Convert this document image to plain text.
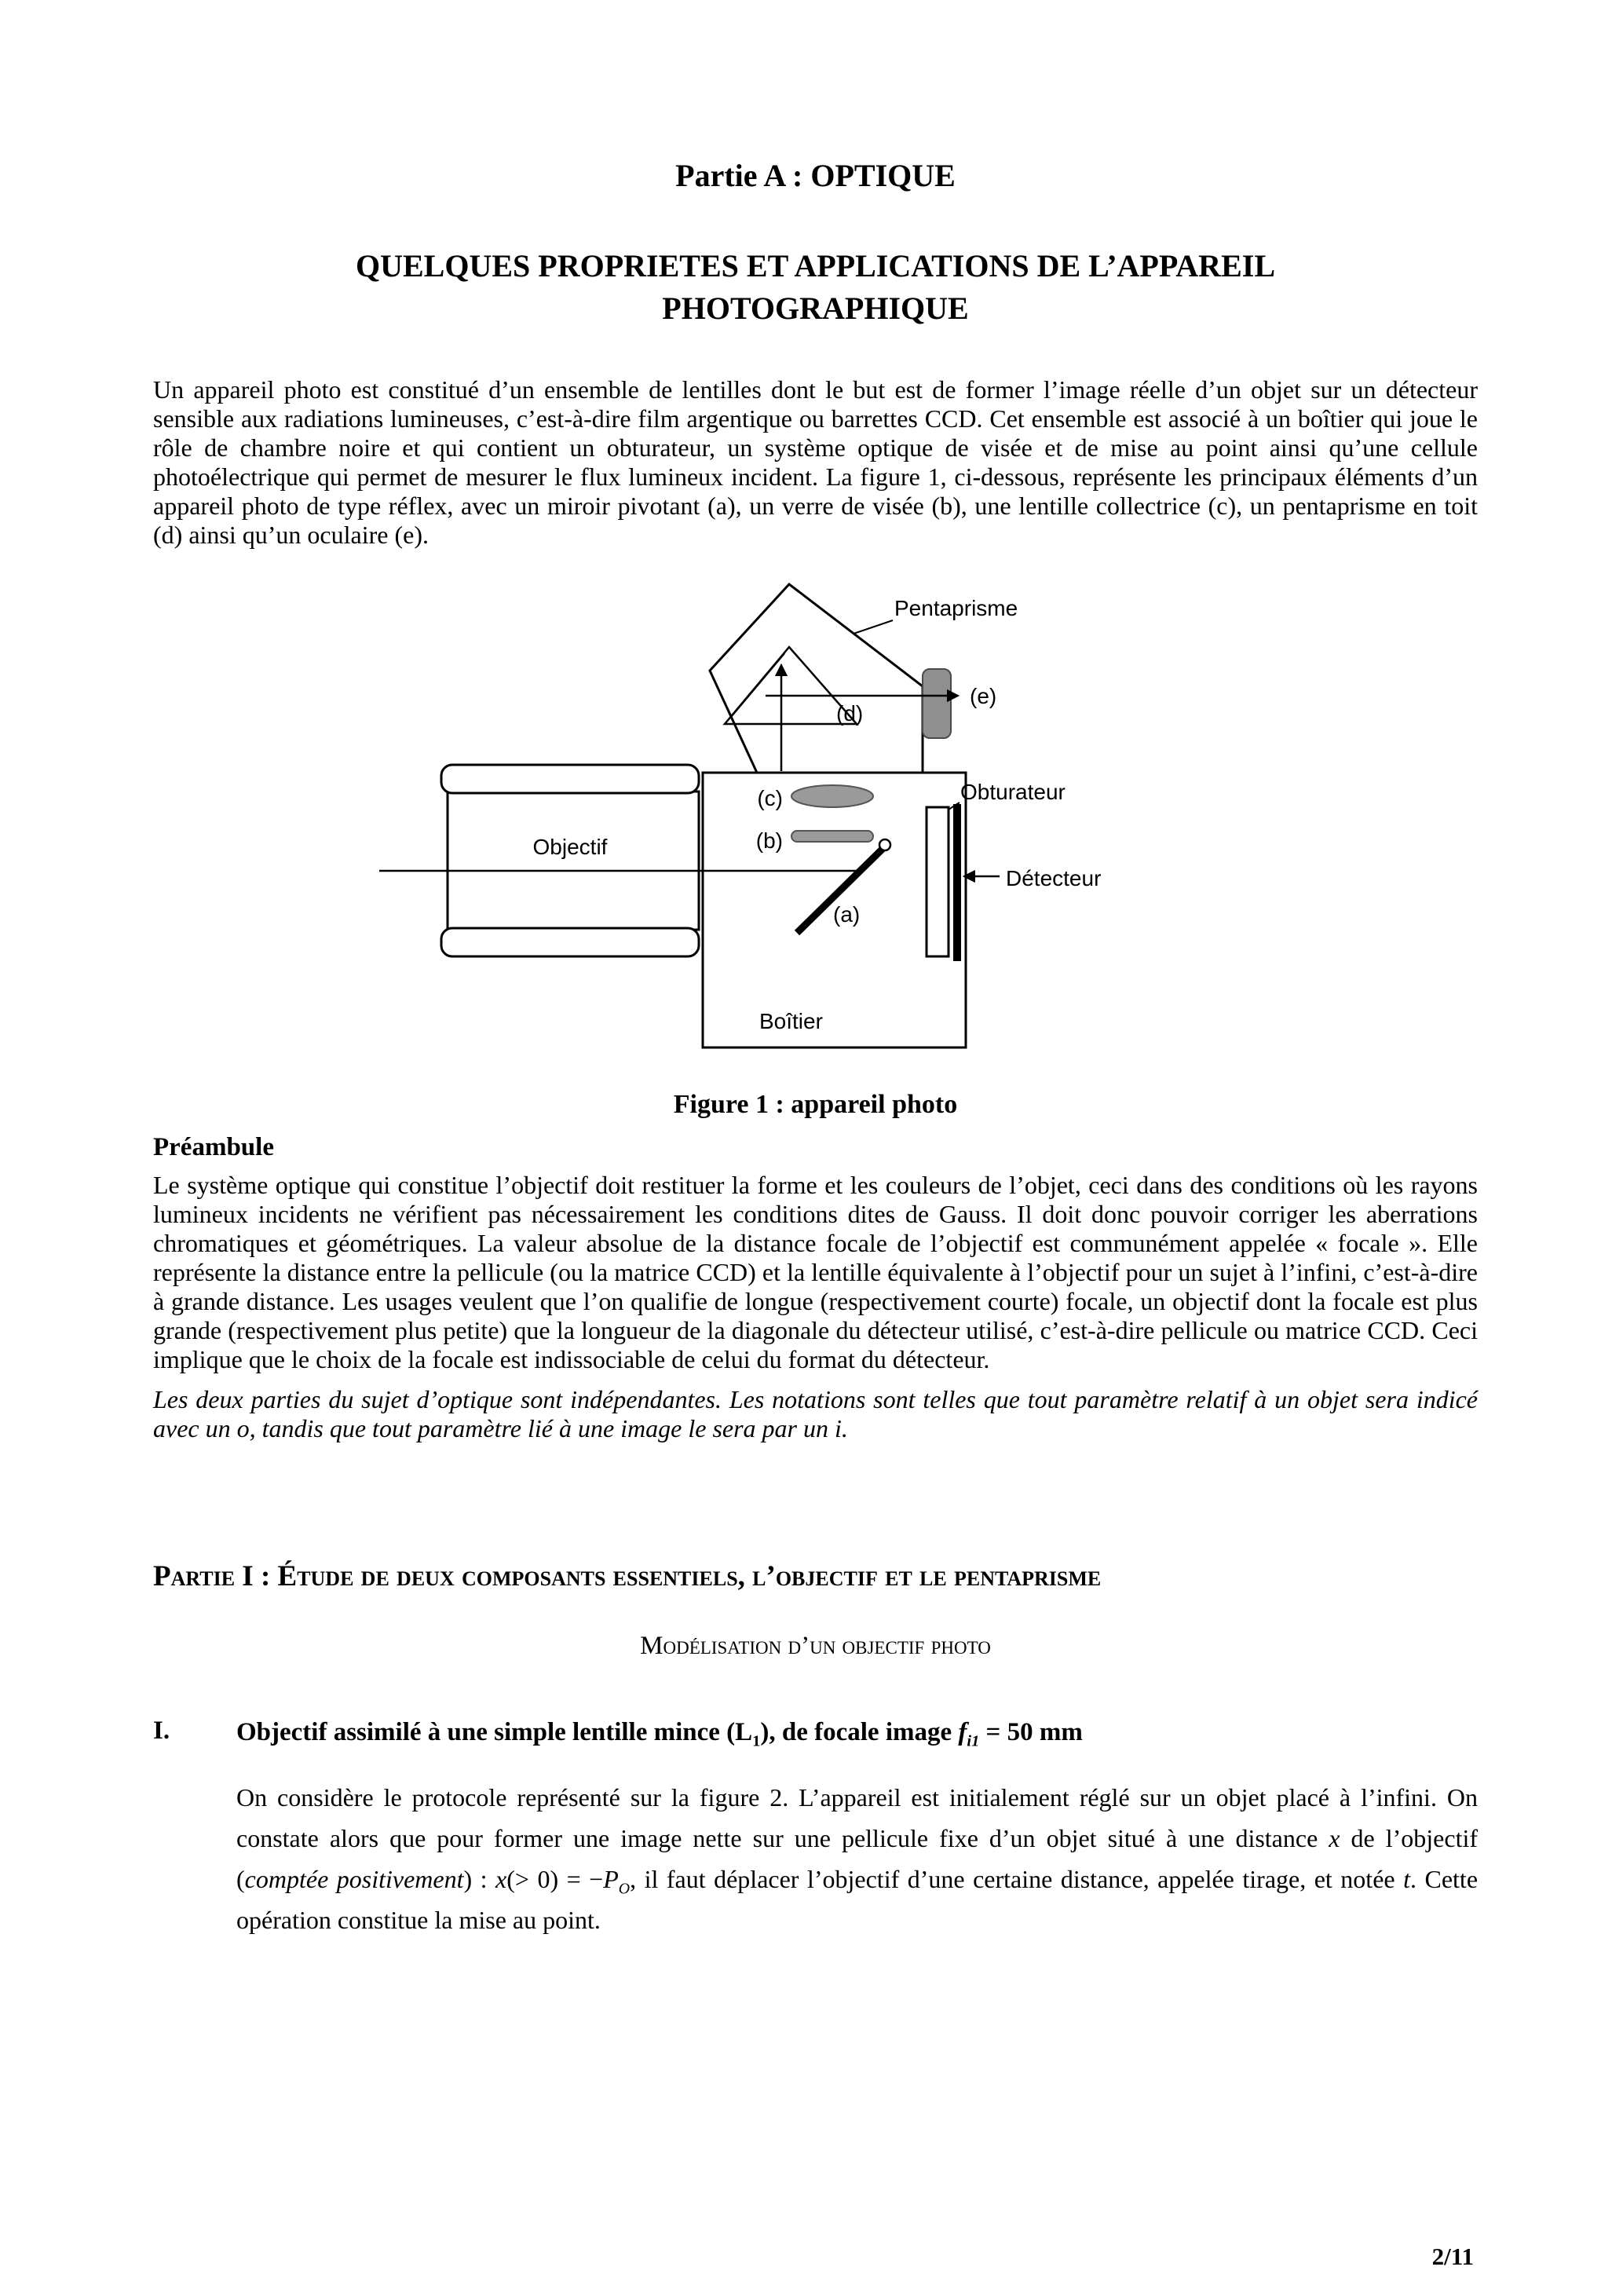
Partie A : OPTIQUE
QUELQUES PROPRIETES ET APPLICATIONS DE L’APPAREIL
PHOTOGRAPHIQUE

Un appareil photo est constitué d’un ensemble de lentilles dont le but est de former l’image réelle d’un objet sur un détecteur sensible aux radiations lumineuses, c’est-à-dire film argentique ou barrettes CCD. Cet ensemble est associé à un boîtier qui joue le rôle de chambre noire et qui contient un obturateur, un système optique de visée et de mise au point ainsi qu’une cellule photoélectrique qui permet de mesurer le flux lumineux incident. La figure 1, ci-dessous, représente les principaux éléments d’un appareil photo de type réflex, avec un miroir pivotant (a), un verre de visée (b), une lentille collectrice (c), un pentaprisme en toit (d) ainsi qu’un oculaire (e).

Pentaprisme
(c)
(b)
(d)
(e)
(a)
Obturateur
Détecteur
Objectif
Boîtier
Figure 1 : appareil photo
Préambule

Le système optique qui constitue l’objectif doit restituer la forme et les couleurs de l’objet, ceci dans des conditions où les rayons lumineux incidents ne vérifient pas nécessairement les conditions dites de Gauss. Il doit donc pouvoir corriger les aberrations chromatiques et géométriques. La valeur absolue de la distance focale de l’objectif est communément appelée « focale ». Elle représente la distance entre la pellicule (ou la matrice CCD) et la lentille équivalente à l’objectif pour un sujet à l’infini, c’est-à-dire à grande distance. Les usages veulent que l’on qualifie de longue (respectivement courte) focale, un objectif dont la focale est plus grande (respectivement plus petite) que la longueur de la diagonale du détecteur utilisé, c’est-à-dire pellicule ou matrice CCD. Ceci implique que le choix de la focale est indissociable de celui du format du détecteur.

Les deux parties du sujet d’optique sont indépendantes. Les notations sont telles que tout paramètre relatif à un objet sera indicé avec un o, tandis que tout paramètre lié à une image le sera par un i.

Partie I : Étude de deux composants essentiels, l’objectif et le pentaprisme
Modélisation d’un objectif photo
I.	Objectif assimilé à une simple lentille mince $(L_1)$, de focale image $f_{i1} = 50$ mm

On considère le protocole représenté sur la figure 2. L’appareil est initialement réglé sur un objet placé à l’infini. On constate alors que pour former une image nette sur une pellicule fixe d’un objet situé à une distance x de l’objectif (comptée positivement) : $x(> 0) = -P_O$, il faut déplacer l’objectif d’une certaine distance, appelée tirage, et notée t. Cette opération constitue la mise au point.

2/11
